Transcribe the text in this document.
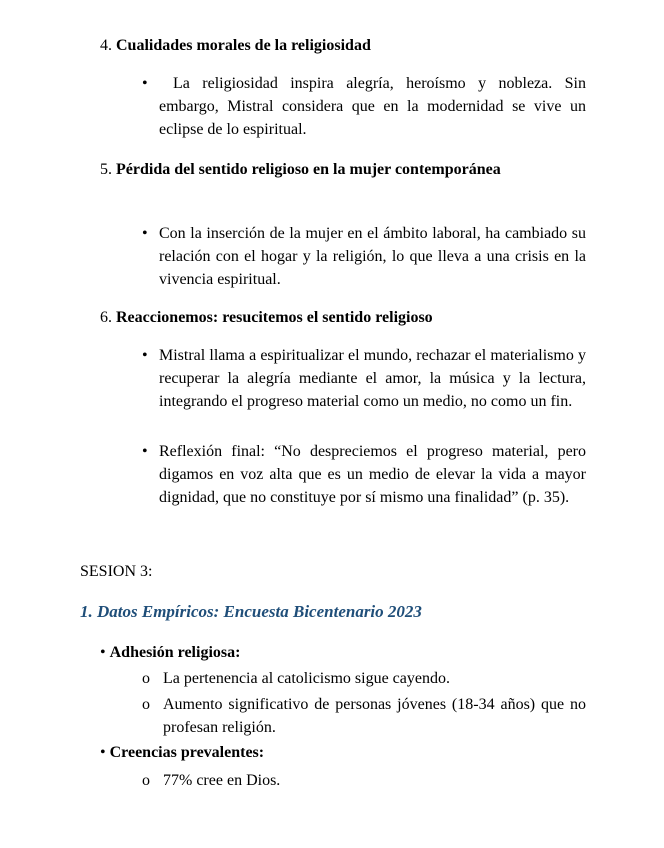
4. Cualidades morales de la religiosidad

•	La religiosidad inspira alegría, heroísmo y nobleza. Sin embargo, Mistral considera que en la modernidad se vive un eclipse de lo espiritual.

5. Pérdida del sentido religioso en la mujer contemporánea

• Con la inserción de la mujer en el ámbito laboral, ha cambiado su relación con el hogar y la religión, lo que lleva a una crisis en la vivencia espiritual.

6. Reaccionemos: resucitemos el sentido religioso

• Mistral llama a espiritualizar el mundo, rechazar el materialismo y recuperar la alegría mediante el amor, la música y la lectura, integrando el progreso material como un medio, no como un fin.

• Reflexión final: “No despreciemos el progreso material, pero digamos en voz alta que es un medio de elevar la vida a mayor dignidad, que no constituye por sí mismo una finalidad” (p. 35).

SESION 3:

1. Datos Empíricos: Encuesta Bicentenario 2023

• Adhesión religiosa:

o La pertenencia al catolicismo sigue cayendo.

o Aumento significativo de personas jóvenes (18-34 años) que no profesan religión.

• Creencias prevalentes:

o 77% cree en Dios.
